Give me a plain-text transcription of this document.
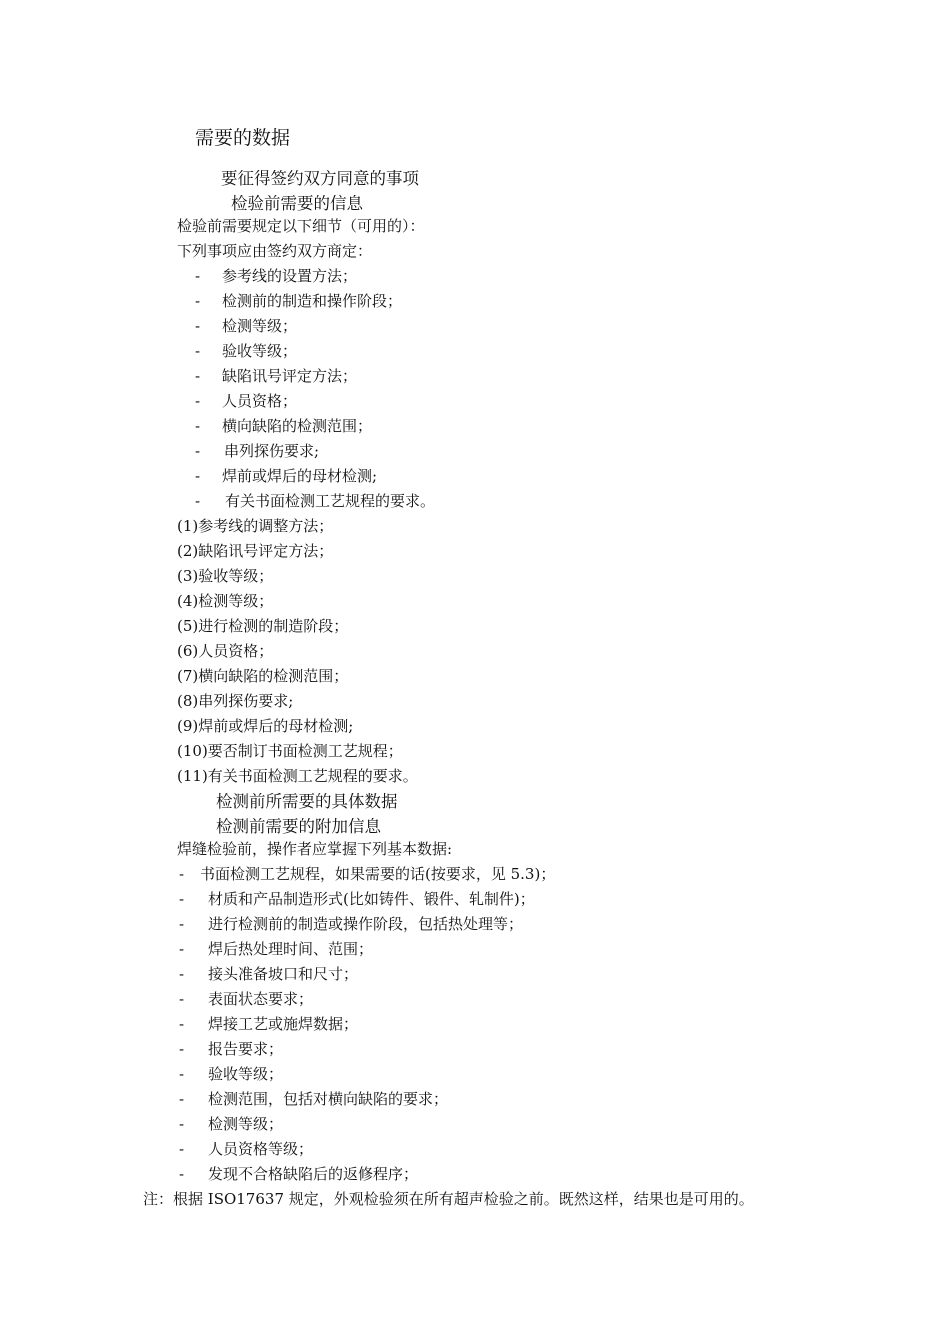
需要的数据
要征得签约双方同意的事项
检验前需要的信息
检验前需要规定以下细节（可用的）：
下列事项应由签约双方商定：
- 参考线的设置方法；
- 检测前的制造和操作阶段；
- 检测等级；
- 验收等级；
- 缺陷讯号评定方法；
- 人员资格；
- 横向缺陷的检测范围；
- 串列探伤要求;
- 焊前或焊后的母材检测;
- 有关书面检测工艺规程的要求。
(1)参考线的调整方法；
(2)缺陷讯号评定方法；
(3)验收等级；
(4)检测等级；
(5)进行检测的制造阶段；
(6)人员资格；
(7)横向缺陷的检测范围；
(8)串列探伤要求;
(9)焊前或焊后的母材检测;
(10)要否制订书面检测工艺规程；
(11)有关书面检测工艺规程的要求。
检测前所需要的具体数据
检测前需要的附加信息
焊缝检验前，操作者应掌握下列基本数据:
- 书面检测工艺规程，如果需要的话(按要求，见 5.3)；
- 材质和产品制造形式(比如铸件、锻件、轧制件)；
- 进行检测前的制造或操作阶段，包括热处理等；
- 焊后热处理时间、范围；
- 接头准备坡口和尺寸；
- 表面状态要求；
- 焊接工艺或施焊数据；
- 报告要求；
- 验收等级；
- 检测范围，包括对横向缺陷的要求；
- 检测等级；
- 人员资格等级；
- 发现不合格缺陷后的返修程序；
注：根据 ISO17637 规定，外观检验须在所有超声检验之前。既然这样，结果也是可用的。
